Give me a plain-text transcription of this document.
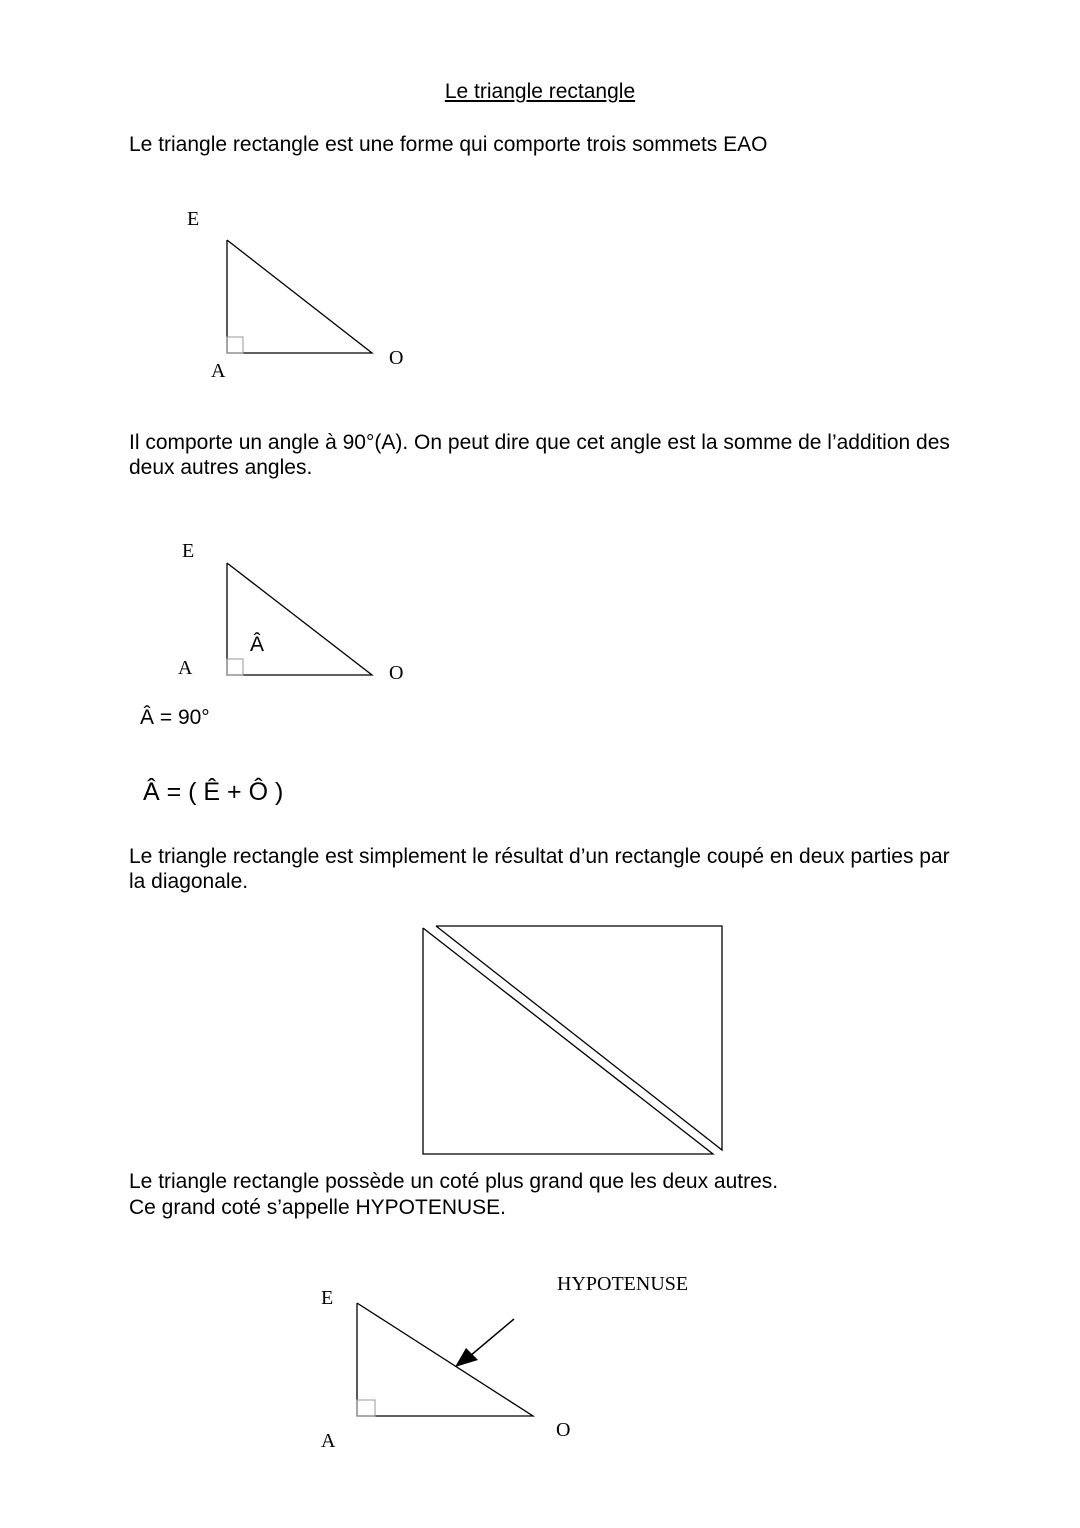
Le triangle rectangle
Le triangle rectangle est une forme qui comporte trois sommets EAO
E
A
O
Il comporte un angle à 90°(A). On peut dire que cet angle est la somme de l’addition des deux autres angles.
E
A	O
Â
Â = 90°
Â = ( Ê + Ô )
Le triangle rectangle est simplement le résultat d’un rectangle coupé en deux parties par la diagonale.
Le triangle rectangle possède un coté plus grand que les deux autres.
Ce grand coté s’appelle HYPOTENUSE.
E
A	O
HYPOTENUSE
